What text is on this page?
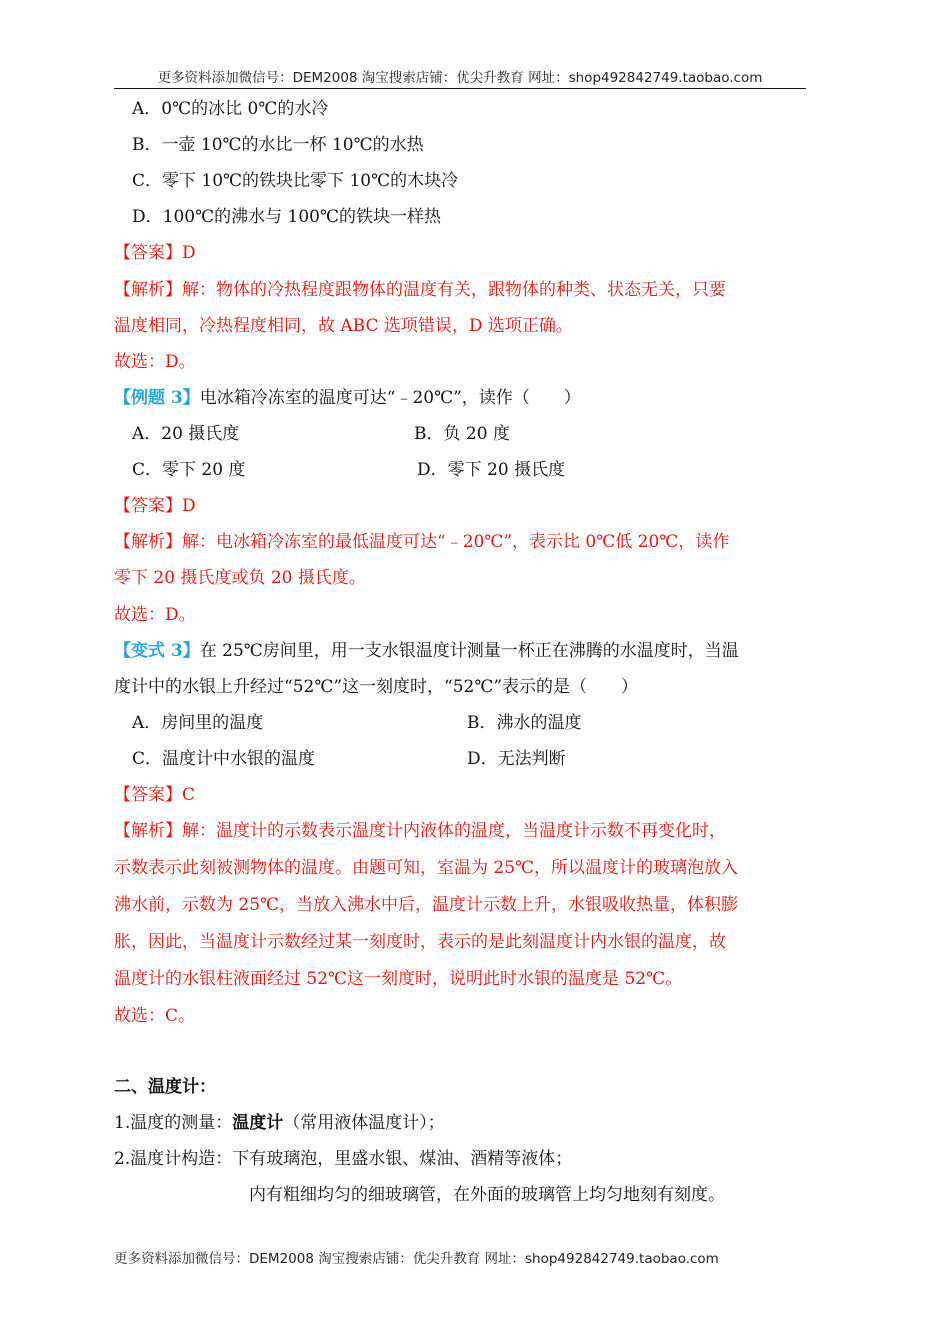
更多资料添加微信号：DEM2008 淘宝搜索店铺：优尖升教育 网址：shop492842749.taobao.com
A．0℃的冰比 0℃的水冷
B．一壶 10℃的水比一杯 10℃的水热
C．零下 10℃的铁块比零下 10℃的木块冷
D．100℃的沸水与 100℃的铁块一样热
【答案】D
【解析】解：物体的冷热程度跟物体的温度有关，跟物体的种类、状态无关，只要
温度相同，冷热程度相同，故 ABC 选项错误，D 选项正确。
故选：D。
【例题 3】电冰箱冷冻室的温度可达“﹣20℃”，读作（　　）
A．20 摄氏度	B．负 20 度
C．零下 20 度	D．零下 20 摄氏度
【答案】D
【解析】解：电冰箱冷冻室的最低温度可达“﹣20℃”，表示比 0℃低 20℃，读作
零下 20 摄氏度或负 20 摄氏度。
故选：D。
【变式 3】在 25℃房间里，用一支水银温度计测量一杯正在沸腾的水温度时，当温
度计中的水银上升经过“52℃”这一刻度时，“52℃”表示的是（　　）
A．房间里的温度	B．沸水的温度
C．温度计中水银的温度	D．无法判断
【答案】C
【解析】解：温度计的示数表示温度计内液体的温度，当温度计示数不再变化时，
示数表示此刻被测物体的温度。由题可知，室温为 25℃，所以温度计的玻璃泡放入
沸水前，示数为 25℃，当放入沸水中后，温度计示数上升，水银吸收热量，体积膨
胀，因此，当温度计示数经过某一刻度时，表示的是此刻温度计内水银的温度，故
温度计的水银柱液面经过 52℃这一刻度时，说明此时水银的温度是 52℃。
故选：C。
二、温度计：
1.温度的测量：温度计（常用液体温度计）；
2.温度计构造：下有玻璃泡，里盛水银、煤油、酒精等液体；
内有粗细均匀的细玻璃管，在外面的玻璃管上均匀地刻有刻度。
更多资料添加微信号：DEM2008 淘宝搜索店铺：优尖升教育 网址：shop492842749.taobao.com
